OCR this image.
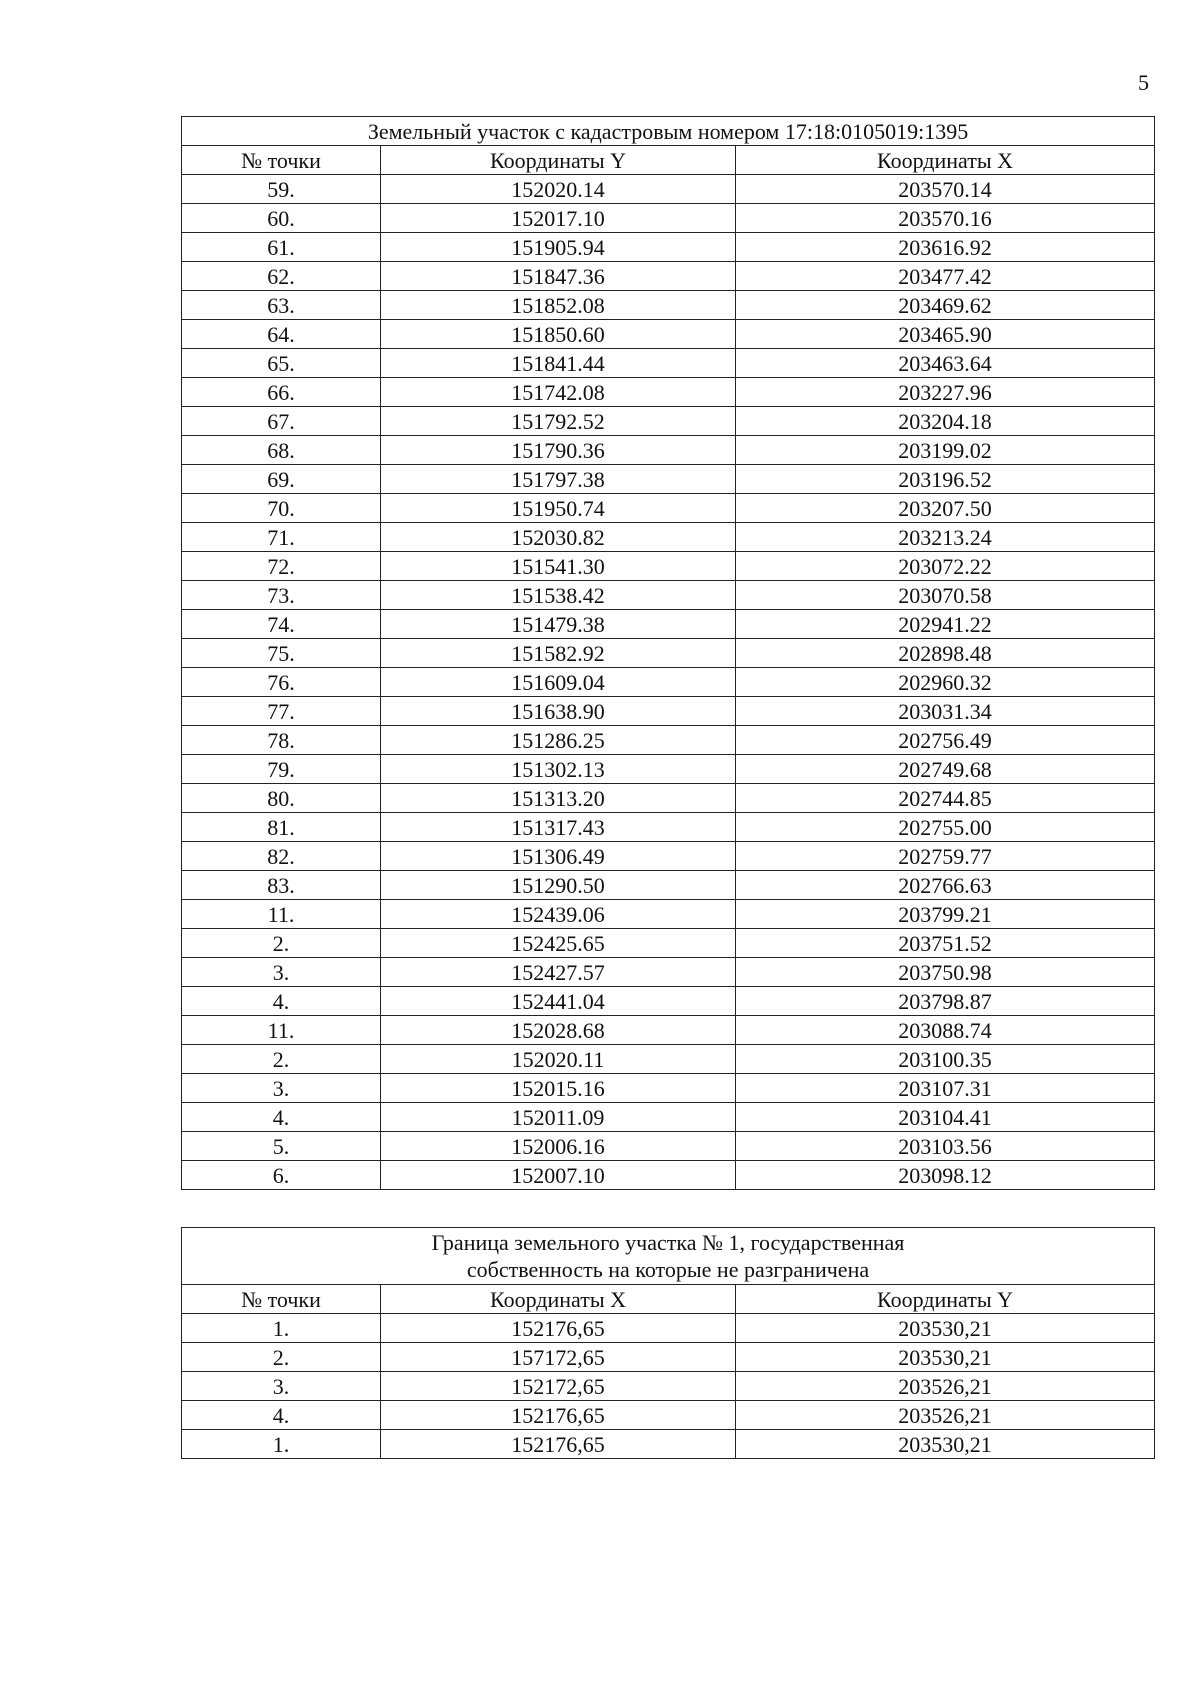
5
Земельный участок с кадастровым номером 17:18:0105019:1395		
№ точки	Координаты Y	Координаты X
59.	152020.14	203570.14
60.	152017.10	203570.16
61.	151905.94	203616.92
62.	151847.36	203477.42
63.	151852.08	203469.62
64.	151850.60	203465.90
65.	151841.44	203463.64
66.	151742.08	203227.96
67.	151792.52	203204.18
68.	151790.36	203199.02
69.	151797.38	203196.52
70.	151950.74	203207.50
71.	152030.82	203213.24
72.	151541.30	203072.22
73.	151538.42	203070.58
74.	151479.38	202941.22
75.	151582.92	202898.48
76.	151609.04	202960.32
77.	151638.90	203031.34
78.	151286.25	202756.49
79.	151302.13	202749.68
80.	151313.20	202744.85
81.	151317.43	202755.00
82.	151306.49	202759.77
83.	151290.50	202766.63
11.	152439.06	203799.21
2.	152425.65	203751.52
3.	152427.57	203750.98
4.	152441.04	203798.87
11.	152028.68	203088.74
2.	152020.11	203100.35
3.	152015.16	203107.31
4.	152011.09	203104.41
5.	152006.16	203103.56
6.	152007.10	203098.12
Граница земельного участка № 1, государственная
собственность на которые не разграничена		
№ точки	Координаты X	Координаты Y
1.	152176,65	203530,21
2.	157172,65	203530,21
3.	152172,65	203526,21
4.	152176,65	203526,21
1.	152176,65	203530,21
